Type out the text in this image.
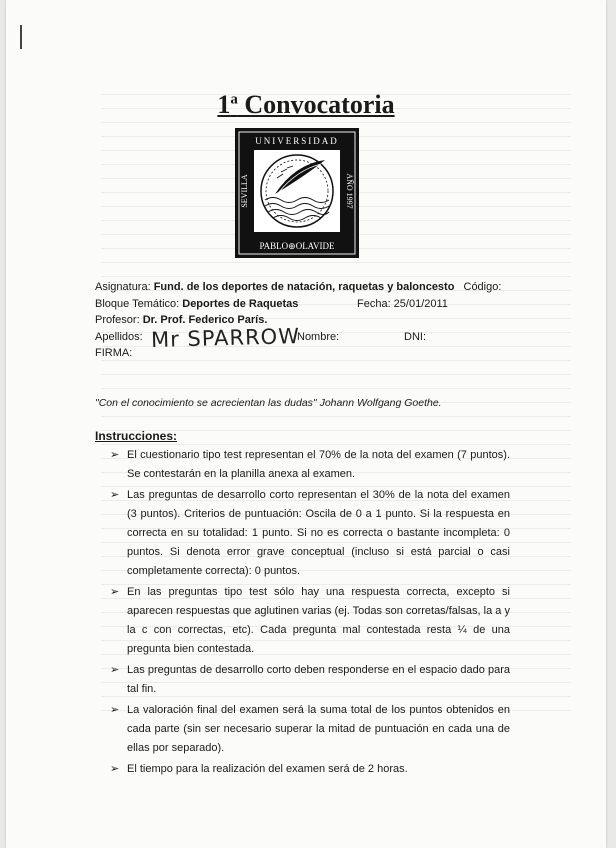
1$^a$ Convocatoria
UNIVERSIDAD
SEVILLA	AÑO 1997
PABLO⊕OLAVIDE
Asignatura: Fund. de los deportes de natación, raquetas y baloncesto Código:
Bloque Temático: Deportes de Raquetas	Fecha: 25/01/2011
Profesor: Dr. Prof. Federico París.
Apellidos: Mr SPARROW
Nombre:	DNI:
FIRMA:
"Con el conocimiento se acrecientan las dudas" Johann Wolfgang Goethe.
Instrucciones:
➢ El cuestionario tipo test representan el 70% de la nota del examen (7 puntos). Se contestarán en la planilla anexa al examen.
➢ Las preguntas de desarrollo corto representan el 30% de la nota del examen (3 puntos). Criterios de puntuación: Oscila de 0 a 1 punto. Si la respuesta en correcta en su totalidad: 1 punto. Si no es correcta o bastante incompleta: 0 puntos. Si denota error grave conceptual (incluso si está parcial o casi completamente correcta): 0 puntos.
➢ En las preguntas tipo test sólo hay una respuesta correcta, excepto si aparecen respuestas que aglutinen varias (ej. Todas son corretas/falsas, la a y la c con correctas, etc). Cada pregunta mal contestada resta ¼ de una pregunta bien contestada.
➢ Las preguntas de desarrollo corto deben responderse en el espacio dado para tal fin.
➢ La valoración final del examen será la suma total de los puntos obtenidos en cada parte (sin ser necesario superar la mitad de puntuación en cada una de ellas por separado).
➢ El tiempo para la realización del examen será de 2 horas.
